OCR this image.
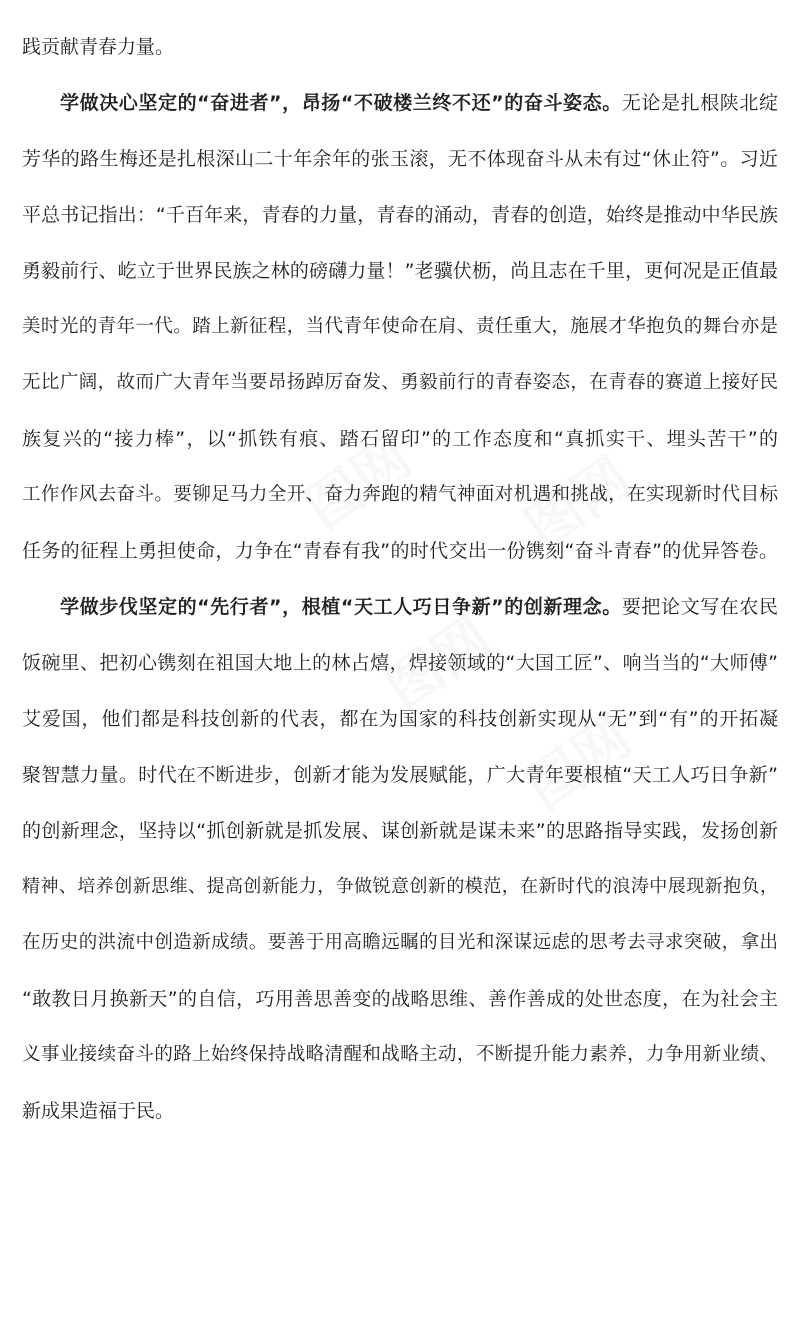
图网 图网
图网
图网
践贡献青春力量。
学做决心坚定的“奋进者”，昂扬“不破楼兰终不还”的奋斗姿态。无论是扎根陕北绽
芳华的路生梅还是扎根深山二十年余年的张玉滚，无不体现奋斗从未有过“休止符”。习近
平总书记指出：“千百年来，青春的力量，青春的涌动，青春的创造，始终是推动中华民族
勇毅前行、屹立于世界民族之林的磅礴力量！”老骥伏枥，尚且志在千里，更何况是正值最
美时光的青年一代。踏上新征程，当代青年使命在肩、责任重大，施展才华抱负的舞台亦是
无比广阔，故而广大青年当要昂扬踔厉奋发、勇毅前行的青春姿态，在青春的赛道上接好民
族复兴的“接力棒”，以“抓铁有痕、踏石留印”的工作态度和“真抓实干、埋头苦干”的
工作作风去奋斗。要铆足马力全开、奋力奔跑的精气神面对机遇和挑战，在实现新时代目标
任务的征程上勇担使命，力争在“青春有我”的时代交出一份镌刻“奋斗青春”的优异答卷。
学做步伐坚定的“先行者”，根植“天工人巧日争新”的创新理念。要把论文写在农民
饭碗里、把初心镌刻在祖国大地上的林占熺，焊接领域的“大国工匠”、响当当的“大师傅”
艾爱国，他们都是科技创新的代表，都在为国家的科技创新实现从“无”到“有”的开拓凝
聚智慧力量。时代在不断进步，创新才能为发展赋能，广大青年要根植“天工人巧日争新”
的创新理念，坚持以“抓创新就是抓发展、谋创新就是谋未来”的思路指导实践，发扬创新
精神、培养创新思维、提高创新能力，争做锐意创新的模范，在新时代的浪涛中展现新抱负，
在历史的洪流中创造新成绩。要善于用高瞻远瞩的目光和深谋远虑的思考去寻求突破，拿出
“敢教日月换新天”的自信，巧用善思善变的战略思维、善作善成的处世态度，在为社会主
义事业接续奋斗的路上始终保持战略清醒和战略主动，不断提升能力素养，力争用新业绩、
新成果造福于民。
